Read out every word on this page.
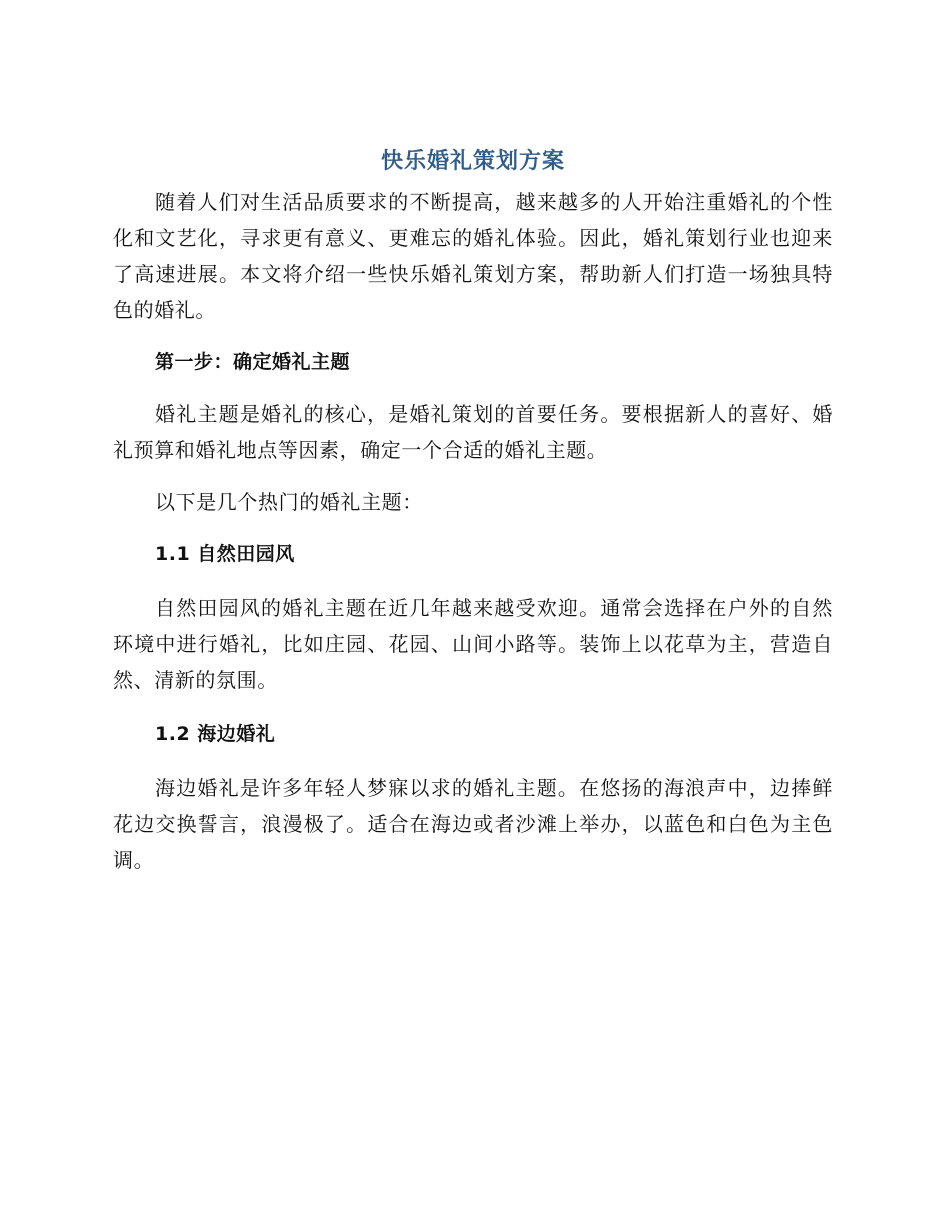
快乐婚礼策划方案

随着人们对生活品质要求的不断提高，越来越多的人开始注重婚礼的个性化和文艺化，寻求更有意义、更难忘的婚礼体验。因此，婚礼策划行业也迎来了高速进展。本文将介绍一些快乐婚礼策划方案，帮助新人们打造一场独具特色的婚礼。

第一步：确定婚礼主题

婚礼主题是婚礼的核心，是婚礼策划的首要任务。要根据新人的喜好、婚礼预算和婚礼地点等因素，确定一个合适的婚礼主题。

以下是几个热门的婚礼主题：

1.1 自然田园风

自然田园风的婚礼主题在近几年越来越受欢迎。通常会选择在户外的自然环境中进行婚礼，比如庄园、花园、山间小路等。装饰上以花草为主，营造自然、清新的氛围。

1.2 海边婚礼

海边婚礼是许多年轻人梦寐以求的婚礼主题。在悠扬的海浪声中，边捧鲜花边交换誓言，浪漫极了。适合在海边或者沙滩上举办，以蓝色和白色为主色调。
